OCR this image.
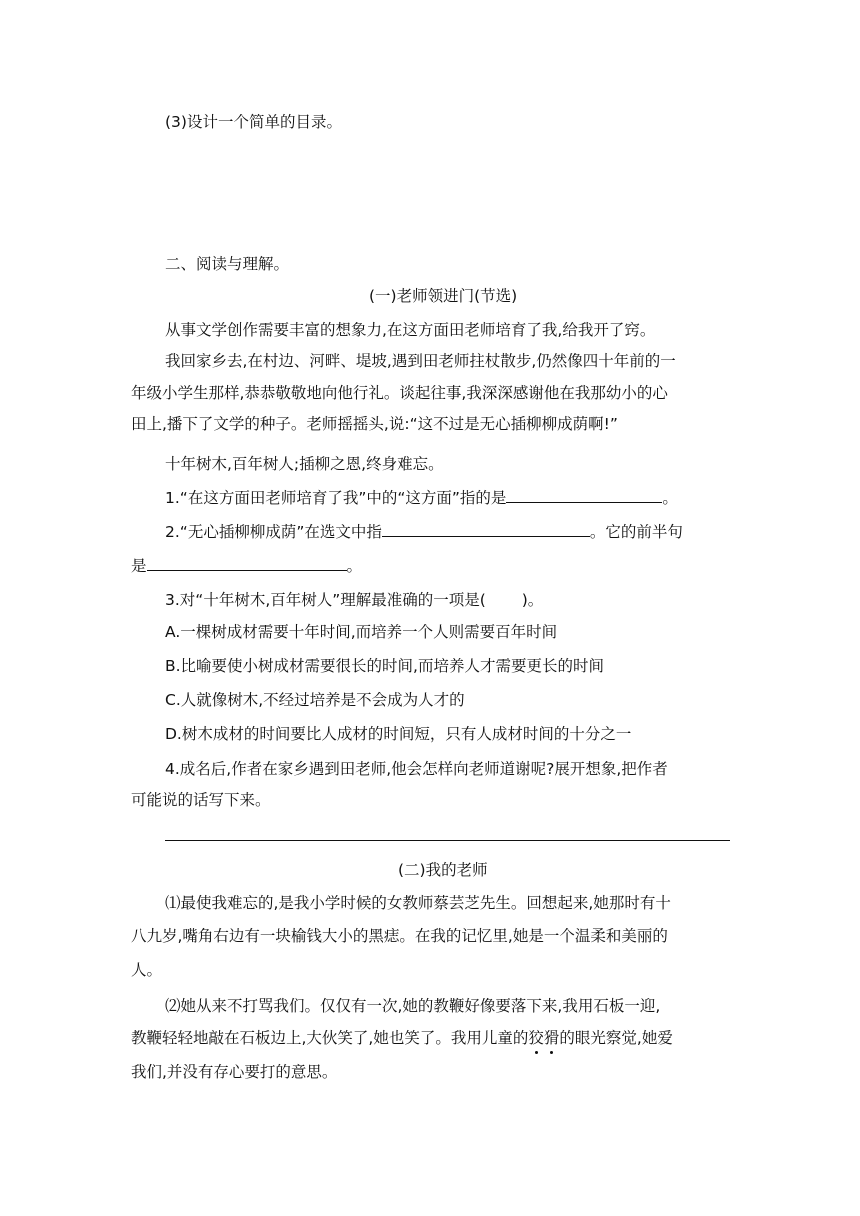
(3)设计一个简单的目录。
二、阅读与理解。
(一)老师领进门(节选)
从事文学创作需要丰富的想象力,在这方面田老师培育了我,给我开了窍。
我回家乡去,在村边、河畔、堤坡,遇到田老师拄杖散步,仍然像四十年前的一
年级小学生那样,恭恭敬敬地向他行礼。谈起往事,我深深感谢他在我那幼小的心
田上,播下了文学的种子。老师摇摇头,说:“这不过是无心插柳柳成荫啊!”
十年树木,百年树人;插柳之恩,终身难忘。
1.“在这方面田老师培育了我”中的“这方面”指的是	。
2.“无心插柳柳成荫”在选文中指	。它的前半句
是	。
3.对“十年树木,百年树人”理解最准确的一项是(　　 )。
A.一棵树成材需要十年时间,而培养一个人则需要百年时间
B.比喻要使小树成材需要很长的时间,而培养人才需要更长的时间
C.人就像树木,不经过培养是不会成为人才的
D.树木成材的时间要比人成材的时间短，只有人成材时间的十分之一
4.成名后,作者在家乡遇到田老师,他会怎样向老师道谢呢?展开想象,把作者
可能说的话写下来。
(二)我的老师
⑴最使我难忘的,是我小学时候的女教师蔡芸芝先生。回想起来,她那时有十
八九岁,嘴角右边有一块榆钱大小的黑痣。在我的记忆里,她是一个温柔和美丽的
人。
⑵她从来不打骂我们。仅仅有一次,她的教鞭好像要落下来,我用石板一迎,
教鞭轻轻地敲在石板边上,大伙笑了,她也笑了。我用儿童的狡猾的眼光察觉,她爱
我们,并没有存心要打的意思。
